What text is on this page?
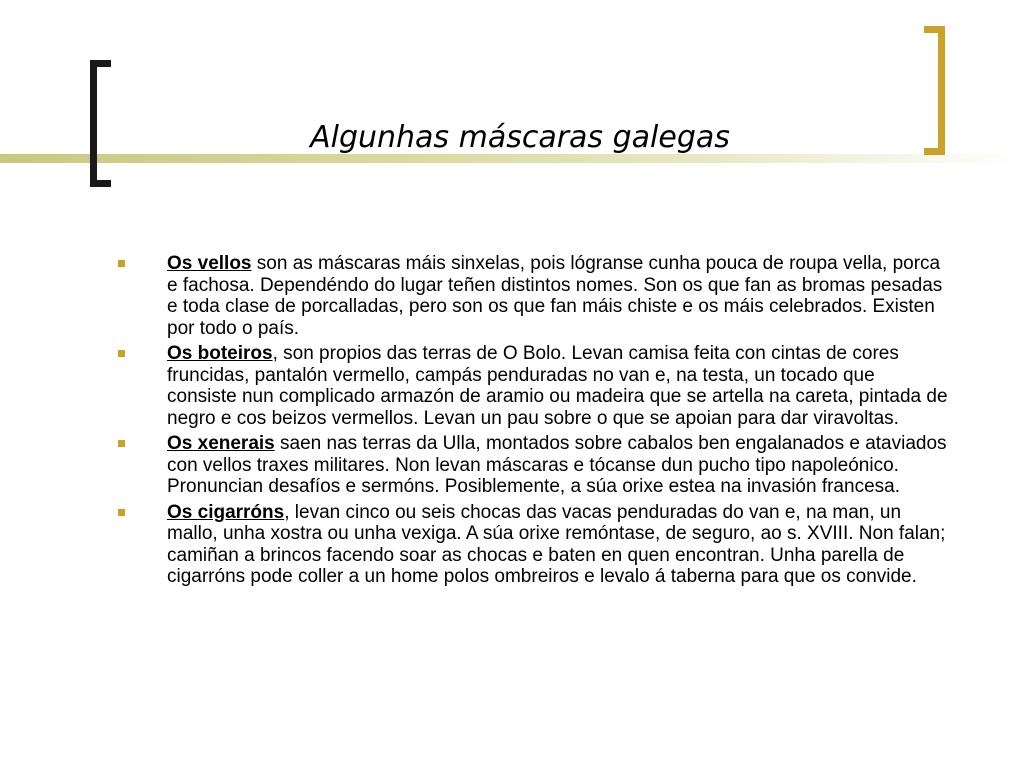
Algunhas máscaras galegas
Os vellos son as máscaras máis sinxelas, pois lógranse cunha pouca de roupa vella, porca e fachosa. Dependéndo do lugar teñen distintos nomes. Son os que fan as bromas pesadas e toda clase de porcalladas, pero son os que fan máis chiste e os máis celebrados. Existen por todo o país.
Os boteiros, son propios das terras de O Bolo. Levan camisa feita con cintas de cores fruncidas, pantalón vermello, campás penduradas no van e, na testa, un tocado que consiste nun complicado armazón de aramio ou madeira que se artella na careta, pintada de negro e cos beizos vermellos. Levan un pau sobre o que se apoian para dar viravoltas.
Os xenerais saen nas terras da Ulla, montados sobre cabalos ben engalanados e ataviados con vellos traxes militares. Non levan máscaras e tócanse dun pucho tipo napoleónico. Pronuncian desafíos e sermóns. Posiblemente, a súa orixe estea na invasión francesa.
Os cigarróns, levan cinco ou seis chocas das vacas penduradas do van e, na man, un mallo, unha xostra ou unha vexiga. A súa orixe remóntase, de seguro, ao s. XVIII. Non falan; camiñan a brincos facendo soar as chocas e baten en quen encontran. Unha parella de cigarróns pode coller a un home polos ombreiros e levalo á taberna para que os convide.
